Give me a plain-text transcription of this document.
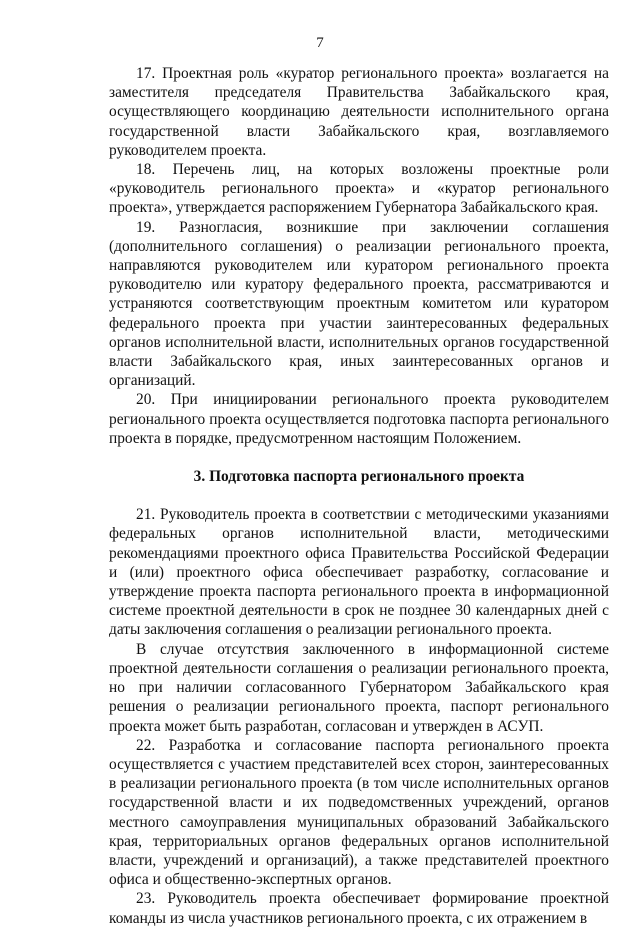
7

17. Проектная роль «куратор регионального проекта» возлагается на заместителя председателя Правительства Забайкальского края, осуществляющего координацию деятельности исполнительного органа государственной власти Забайкальского края, возглавляемого руководителем проекта.

18. Перечень лиц, на которых возложены проектные роли «руководитель регионального проекта» и «куратор регионального проекта», утверждается распоряжением Губернатора Забайкальского края.

19. Разногласия, возникшие при заключении соглашения (дополнительного соглашения) о реализации регионального проекта, направляются руководителем или куратором регионального проекта руководителю или куратору федерального проекта, рассматриваются и устраняются соответствующим проектным комитетом или куратором федерального проекта при участии заинтересованных федеральных органов исполнительной власти, исполнительных органов государственной власти Забайкальского края, иных заинтересованных органов и организаций.

20. При инициировании регионального проекта руководителем регионального проекта осуществляется подготовка паспорта регионального проекта в порядке, предусмотренном настоящим Положением.

3. Подготовка паспорта регионального проекта

21. Руководитель проекта в соответствии с методическими указаниями федеральных органов исполнительной власти, методическими рекомендациями проектного офиса Правительства Российской Федерации и (или) проектного офиса обеспечивает разработку, согласование и утверждение проекта паспорта регионального проекта в информационной системе проектной деятельности в срок не позднее 30 календарных дней с даты заключения соглашения о реализации регионального проекта.

В случае отсутствия заключенного в информационной системе проектной деятельности соглашения о реализации регионального проекта, но при наличии согласованного Губернатором Забайкальского края решения о реализации регионального проекта, паспорт регионального проекта может быть разработан, согласован и утвержден в АСУП.

22. Разработка и согласование паспорта регионального проекта осуществляется с участием представителей всех сторон, заинтересованных в реализации регионального проекта (в том числе исполнительных органов государственной власти и их подведомственных учреждений, органов местного самоуправления муниципальных образований Забайкальского края, территориальных органов федеральных органов исполнительной власти, учреждений и организаций), а также представителей проектного офиса и общественно-экспертных органов.

23. Руководитель проекта обеспечивает формирование проектной команды из числа участников регионального проекта, с их отражением в
